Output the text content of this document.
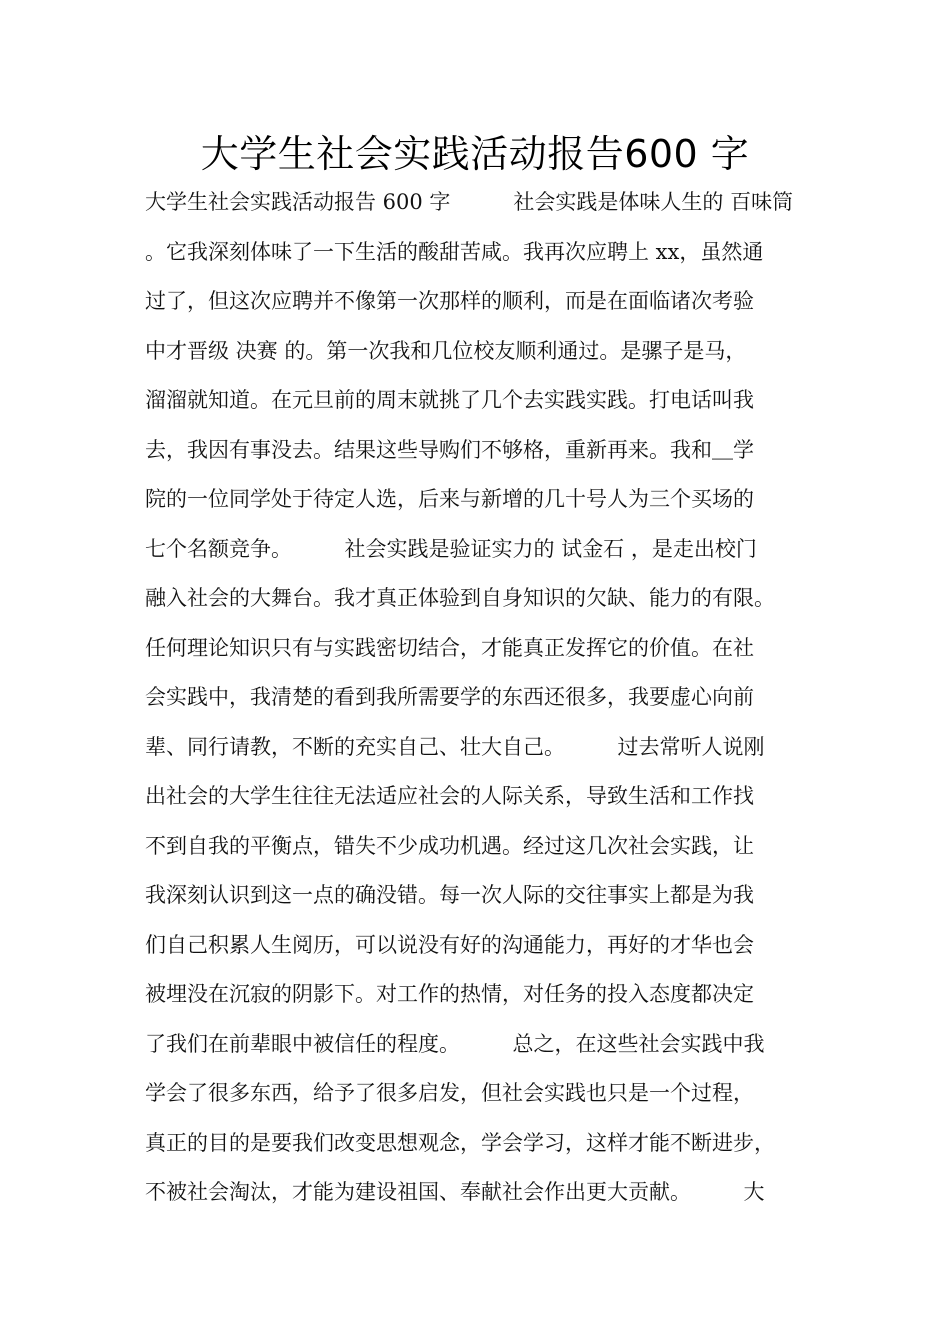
大学生社会实践活动报告600 字
大学生社会实践活动报告 600 字　　　社会实践是体味人生的 百味筒
。它我深刻体味了一下生活的酸甜苦咸。我再次应聘上 xx，虽然通
过了，但这次应聘并不像第一次那样的顺利，而是在面临诸次考验
中才晋级 决赛 的。第一次我和几位校友顺利通过。是骡子是马，
溜溜就知道。在元旦前的周末就挑了几个去实践实践。打电话叫我
去，我因有事没去。结果这些导购们不够格，重新再来。我和＿学
院的一位同学处于待定人选，后来与新增的几十号人为三个买场的
七个名额竞争。　　　社会实践是验证实力的 试金石 ，是走出校门
融入社会的大舞台。我才真正体验到自身知识的欠缺、能力的有限。
任何理论知识只有与实践密切结合，才能真正发挥它的价值。在社
会实践中，我清楚的看到我所需要学的东西还很多，我要虚心向前
辈、同行请教，不断的充实自己、壮大自己。　　　过去常听人说刚
出社会的大学生往往无法适应社会的人际关系，导致生活和工作找
不到自我的平衡点，错失不少成功机遇。经过这几次社会实践，让
我深刻认识到这一点的确没错。每一次人际的交往事实上都是为我
们自己积累人生阅历，可以说没有好的沟通能力，再好的才华也会
被埋没在沉寂的阴影下。对工作的热情，对任务的投入态度都决定
了我们在前辈眼中被信任的程度。　　　总之，在这些社会实践中我
学会了很多东西，给予了很多启发，但社会实践也只是一个过程，
真正的目的是要我们改变思想观念，学会学习，这样才能不断进步，
不被社会淘汰，才能为建设祖国、奉献社会作出更大贡献。　　　大
